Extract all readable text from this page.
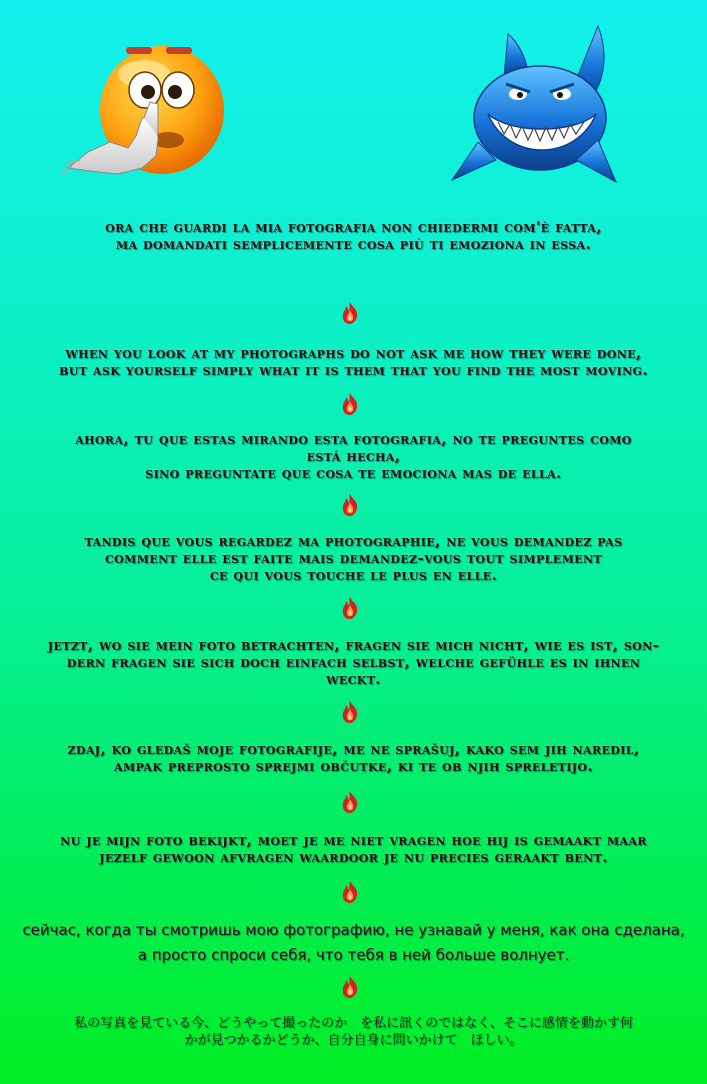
ora che guardi la mia fotografia non chiedermi com'è fatta,
ma domandati semplicemente cosa più ti emoziona in essa.
when you look at my photographs do not ask me how they were done,
but ask yourself simply what it is them that you find the most moving.
ahora, tu que estas mirando esta fotografia, no te preguntes como
está hecha,
sino preguntate que cosa te emociona mas de ella.
tandis que vous regardez ma photographie, ne vous demandez pas
comment elle est faite mais demandez-vous tout simplement
ce qui vous touche le plus en elle.
jetzt, wo sie mein foto betrachten, fragen sie mich nicht, wie es ist, son-
dern fragen sie sich doch einfach selbst, welche gefühle es in ihnen
weckt.
zdaj, ko gledaš moje fotografije, me ne sprašuj, kako sem jih naredil,
ampak preprosto sprejmi občutke, ki te ob njih spreletijo.
nu je mijn foto bekijkt, moet je me niet vragen hoe hij is gemaakt maar
jezelf gewoon afvragen waardoor je nu precies geraakt bent.
сейчас, когда ты смотришь мою фотографию, не узнавай у меня, как она сделана,
а просто спроси себя, что тебя в ней больше волнует.
私の写真を見ている今、どうやって撮ったのか　を私に訊くのではなく、そこに感情を動かす何
かが見つかるかどうか、自分自身に問いかけて　ほしい。
